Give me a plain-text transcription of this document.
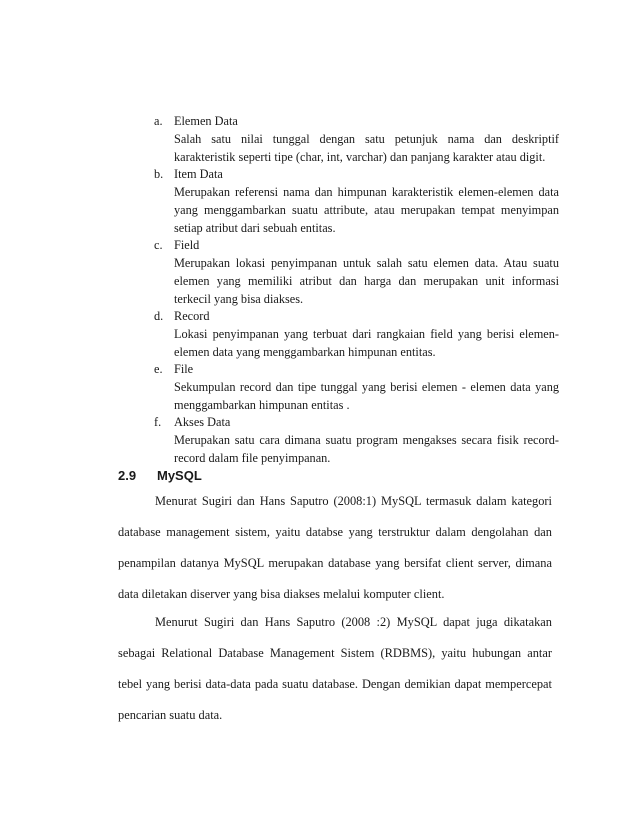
a. Elemen Data
Salah satu nilai tunggal dengan satu petunjuk nama dan deskriptif karakteristik seperti tipe (char, int, varchar) dan panjang karakter atau digit.
b. Item Data
Merupakan referensi nama dan himpunan karakteristik elemen-elemen data yang menggambarkan suatu attribute, atau merupakan tempat menyimpan setiap atribut dari sebuah entitas.
c. Field
Merupakan lokasi penyimpanan untuk salah satu elemen data. Atau suatu elemen yang memiliki atribut dan harga dan merupakan unit informasi terkecil yang bisa diakses.
d. Record
Lokasi penyimpanan yang terbuat dari rangkaian field yang berisi elemen-elemen data yang menggambarkan himpunan entitas.
e. File
Sekumpulan record dan tipe tunggal yang berisi elemen - elemen data yang menggambarkan himpunan entitas .
f.	Akses Data
Merupakan satu cara dimana suatu program mengakses secara fisik record-record dalam file penyimpanan.
2.9	MySQL

Menurat Sugiri dan Hans Saputro (2008:1) MySQL termasuk dalam kategori database management sistem, yaitu databse yang terstruktur dalam dengolahan dan penampilan datanya MySQL merupakan database yang bersifat client server, dimana data diletakan diserver yang bisa diakses melalui komputer client.

Menurut Sugiri dan Hans Saputro (2008 :2) MySQL dapat juga dikatakan sebagai Relational Database Management Sistem (RDBMS), yaitu hubungan antar tebel yang berisi data-data pada suatu database. Dengan demikian dapat mempercepat pencarian suatu data.
